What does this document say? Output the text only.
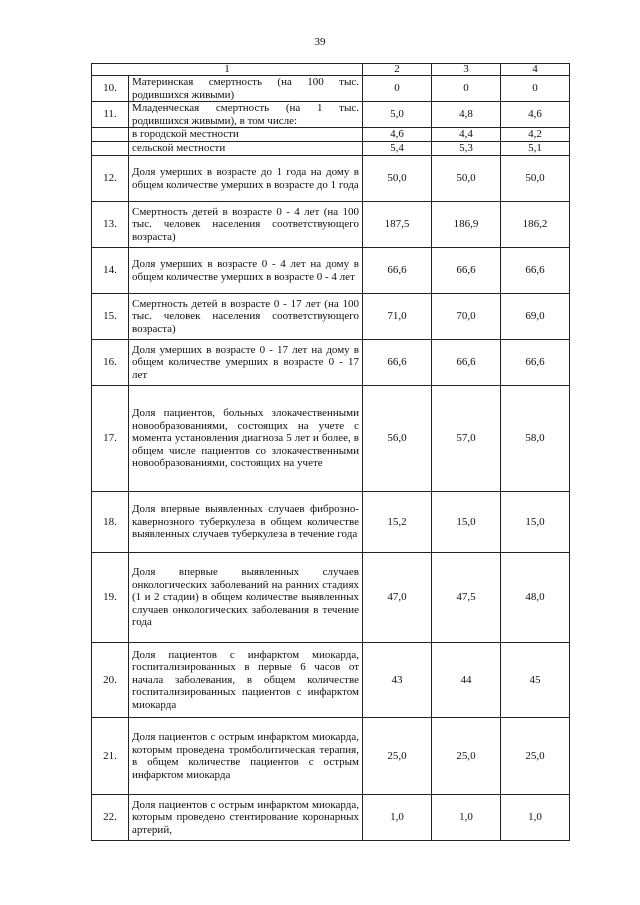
39
1		2	3	4
10.	Материнская смертность (на 100 тыс. родившихся живыми)	0	0	0
11.	Младенческая смертность (на 1 тыс. родившихся живыми), в том числе:	5,0	4,8	4,6
	в городской местности	4,6	4,4	4,2
	сельской местности	5,4	5,3	5,1
12.	Доля умерших в возрасте до 1 года на дому в общем количестве умерших в возрасте до 1 года	50,0	50,0	50,0
13.	Смертность детей в возрасте 0 - 4 лет (на 100 тыс. человек населения соответствующего возраста)	187,5	186,9	186,2
14.	Доля умерших в возрасте 0 - 4 лет на дому в общем количестве умерших в возрасте 0 - 4 лет	66,6	66,6	66,6
15.	Смертность детей в возрасте 0 - 17 лет (на 100 тыс. человек населения соответствующего возраста)	71,0	70,0	69,0
16.	Доля умерших в возрасте 0 - 17 лет на дому в общем количестве умерших в возрасте 0 - 17 лет	66,6	66,6	66,6
17.	Доля пациентов, больных злокачественными новообразованиями, состоящих на учете с момента установления диагноза 5 лет и более, в общем числе пациентов со злокачественными новообразованиями, состоящих на учете	56,0	57,0	58,0
18.	Доля впервые выявленных случаев фиброзно-кавернозного туберкулеза в общем количестве выявленных случаев туберкулеза в течение года	15,2	15,0	15,0
19.	Доля впервые выявленных случаев онкологических заболеваний на ранних стадиях (1 и 2 стадии) в общем количестве выявленных случаев онкологических заболевания в течение года	47,0	47,5	48,0
20.	Доля пациентов с инфарктом миокарда, госпитализированных в первые 6 часов от начала заболевания, в общем количестве госпитализированных пациентов с инфарктом миокарда	43	44	45
21.	Доля пациентов с острым инфарктом миокарда, которым проведена тромболитическая терапия, в общем количестве пациентов с острым инфарктом миокарда	25,0	25,0	25,0
22.	Доля пациентов с острым инфарктом миокарда, которым проведено стентирование коронарных артерий,	1,0	1,0	1,0
